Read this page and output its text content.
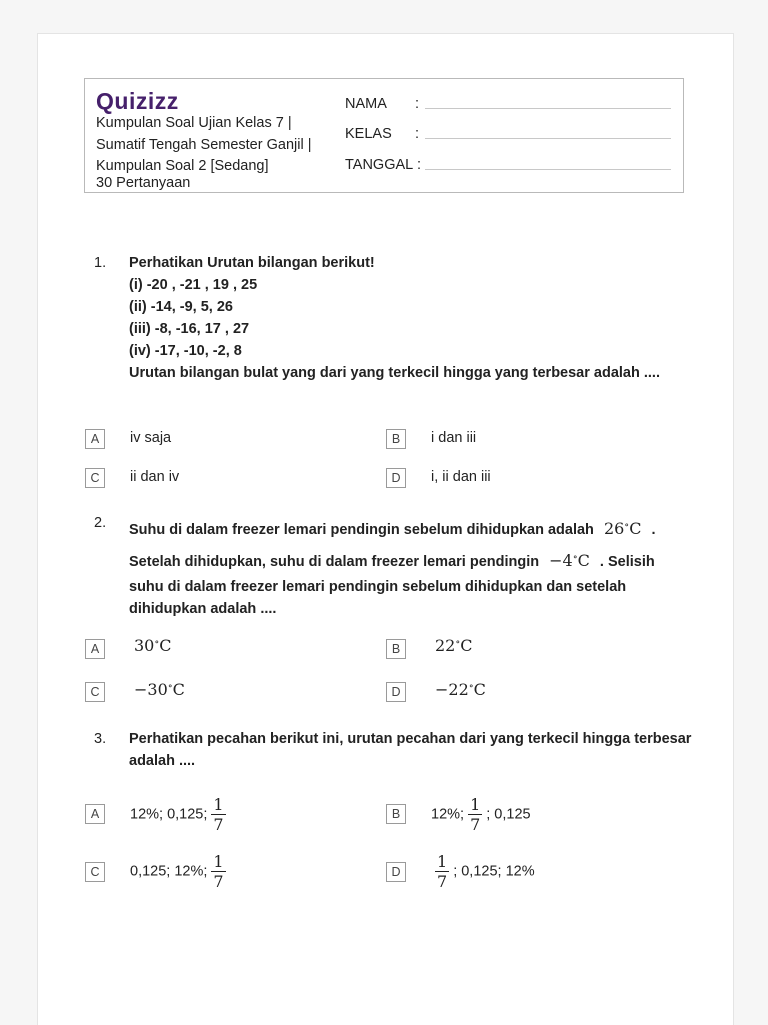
Quizizz
Kumpulan Soal Ujian Kelas 7 |
Sumatif Tengah Semester Ganjil |
Kumpulan Soal 2 [Sedang]
30 Pertanyaan
NAMA :
KELAS :
TANGGAL :
1. Perhatikan Urutan bilangan berikut!
(i) -20 , -21 , 19 , 25
(ii) -14, -9, 5, 26
(iii) -8, -16, 17 , 27
(iv) -17, -10, -2, 8
Urutan bilangan bulat yang dari yang terkecil hingga yang terbesar adalah ....
A	iv saja	B	i dan iii
C	ii dan iv	D	i, ii dan iii
2. Suhu di dalam freezer lemari pendingin sebelum dihidupkan adalah 26∘C .
Setelah dihidupkan, suhu di dalam freezer lemari pendingin −4∘C . Selisih
suhu di dalam freezer lemari pendingin sebelum dihidupkan dan setelah
dihidupkan adalah ....
A	30∘C	B	22∘C
C	−30∘C	D	−22∘C
3. Perhatikan pecahan berikut ini, urutan pecahan dari yang terkecil hingga terbesar
adalah ....
A	12%; 0,125; $\frac{1}{7}$	B	12%; $\frac{1}{7}$ ; 0,125
C	0,125; 12%; $\frac{1}{7}$	D	$\frac{1}{7}$ ; 0,125; 12%
